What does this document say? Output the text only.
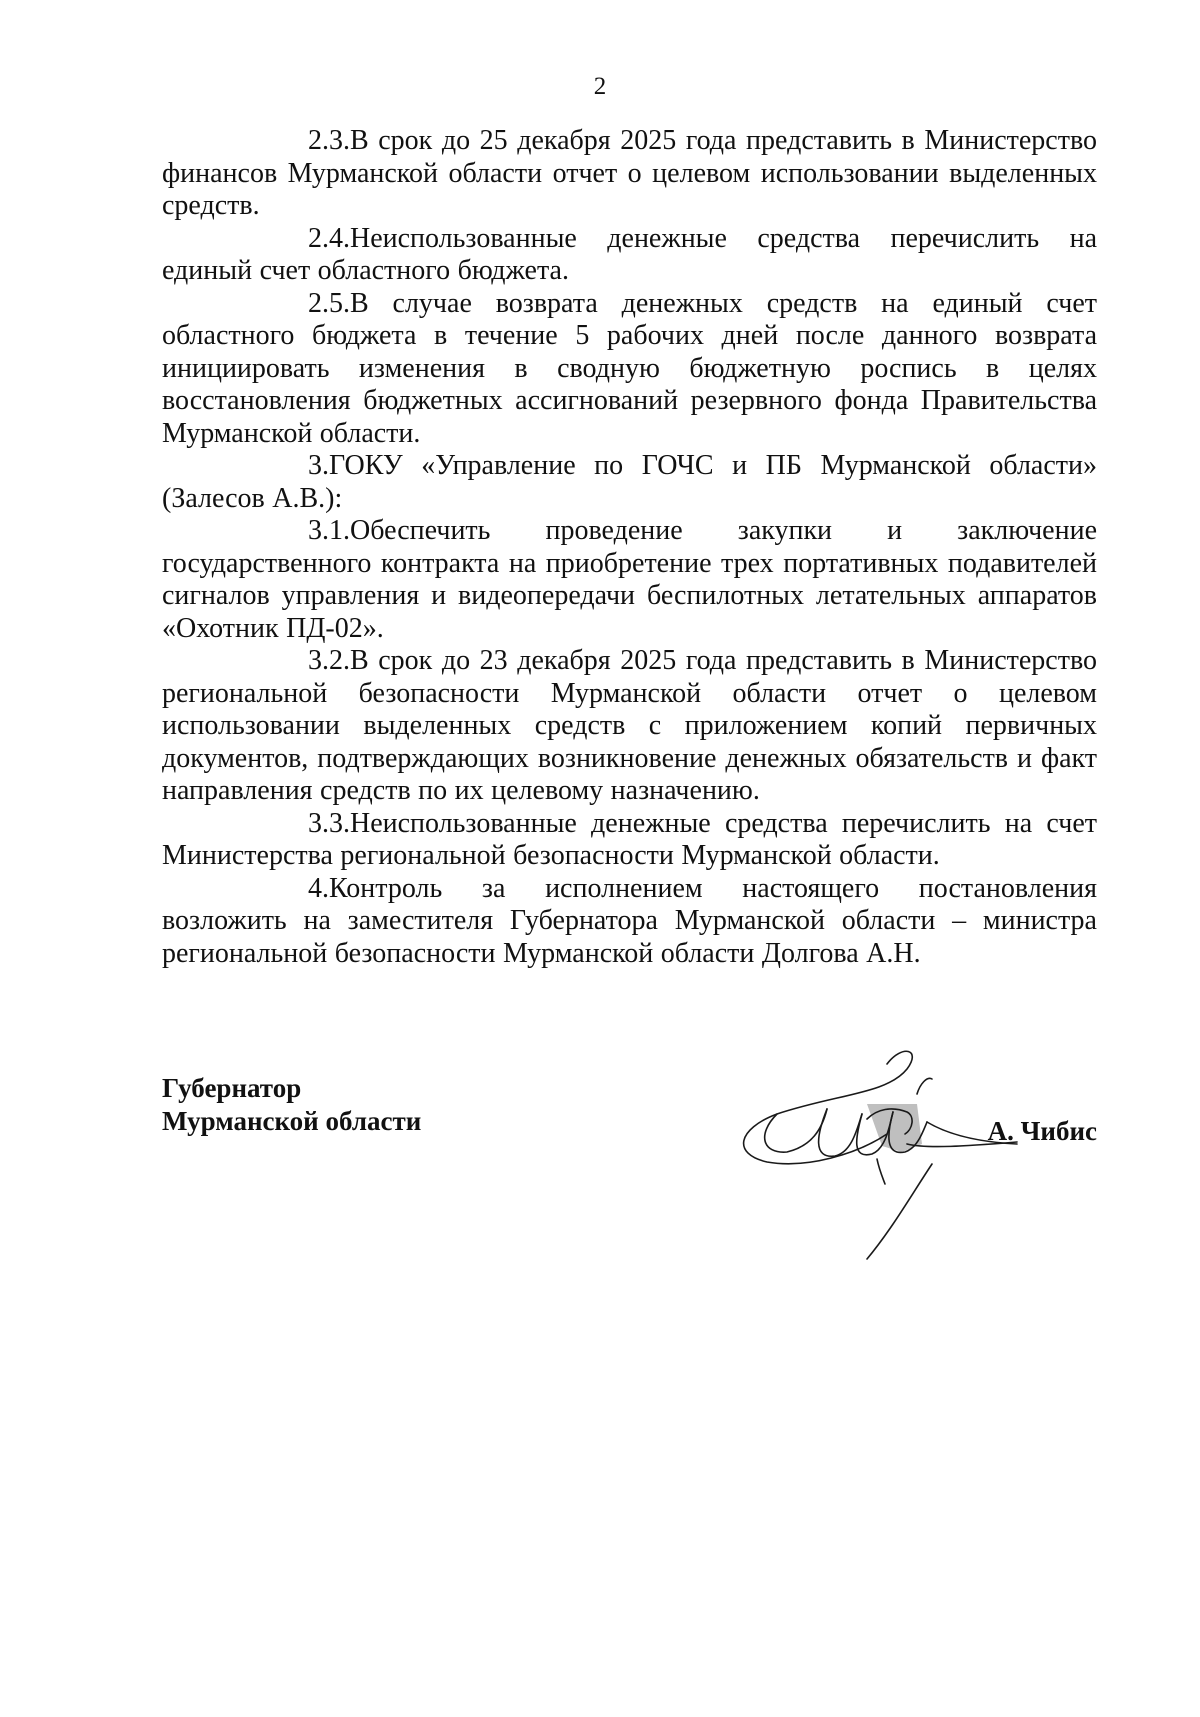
2

2.3.В срок до 25 декабря 2025 года представить в Министерство финансов Мурманской области отчет о целевом использовании выделенных средств.

2.4.Неиспользованные денежные средства перечислить на единый счет областного бюджета.

2.5.В случае возврата денежных средств на единый счет областного бюджета в течение 5 рабочих дней после данного возврата инициировать изменения в сводную бюджетную роспись в целях восстановления бюджетных ассигнований резервного фонда Правительства Мурманской области.

3.ГОКУ «Управление по ГОЧС и ПБ Мурманской области» (Залесов А.В.):

3.1.Обеспечить проведение закупки и заключение государственного контракта на приобретение трех портативных подавителей сигналов управления и видеопередачи беспилотных летательных аппаратов «Охотник ПД-02».

3.2.В срок до 23 декабря 2025 года представить в Министерство региональной безопасности Мурманской области отчет о целевом использовании выделенных средств с приложением копий первичных документов, подтверждающих возникновение денежных обязательств и факт направления средств по их целевому назначению.

3.3.Неиспользованные денежные средства перечислить на счет Министерства региональной безопасности Мурманской области.

4.Контроль за исполнением настоящего постановления возложить на заместителя Губернатора Мурманской области – министра региональной безопасности Мурманской области Долгова А.Н.

Губернатор
Мурманской области	А. Чибис
